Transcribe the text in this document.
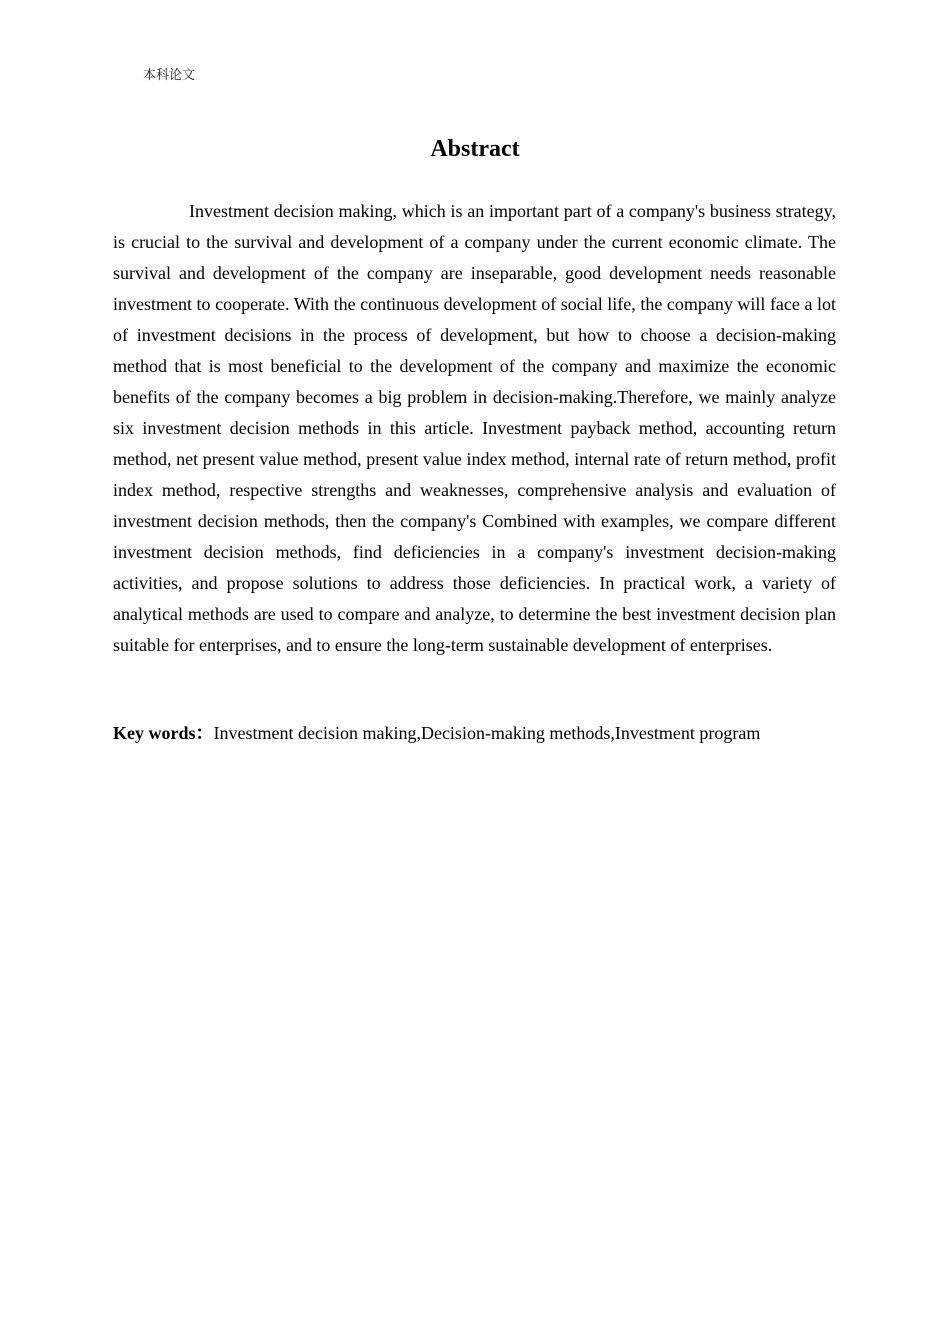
本科论文
Abstract

Investment decision making, which is an important part of a company's business strategy, is crucial to the survival and development of a company under the current economic climate. The survival and development of the company are inseparable, good development needs reasonable investment to cooperate. With the continuous development of social life, the company will face a lot of investment decisions in the process of development, but how to choose a decision-making method that is most beneficial to the development of the company and maximize the economic benefits of the company becomes a big problem in decision-making.Therefore, we mainly analyze six investment decision methods in this article. Investment payback method, accounting return method, net present value method, present value index method, internal rate of return method, profit index method, respective strengths and weaknesses, comprehensive analysis and evaluation of investment decision methods, then the company's Combined with examples, we compare different investment decision methods, find deficiencies in a company's investment decision-making activities, and propose solutions to address those deficiencies. In practical work, a variety of analytical methods are used to compare and analyze, to determine the best investment decision plan suitable for enterprises, and to ensure the long-term sustainable development of enterprises.

Key words：Investment decision making,Decision-making methods,Investment program
